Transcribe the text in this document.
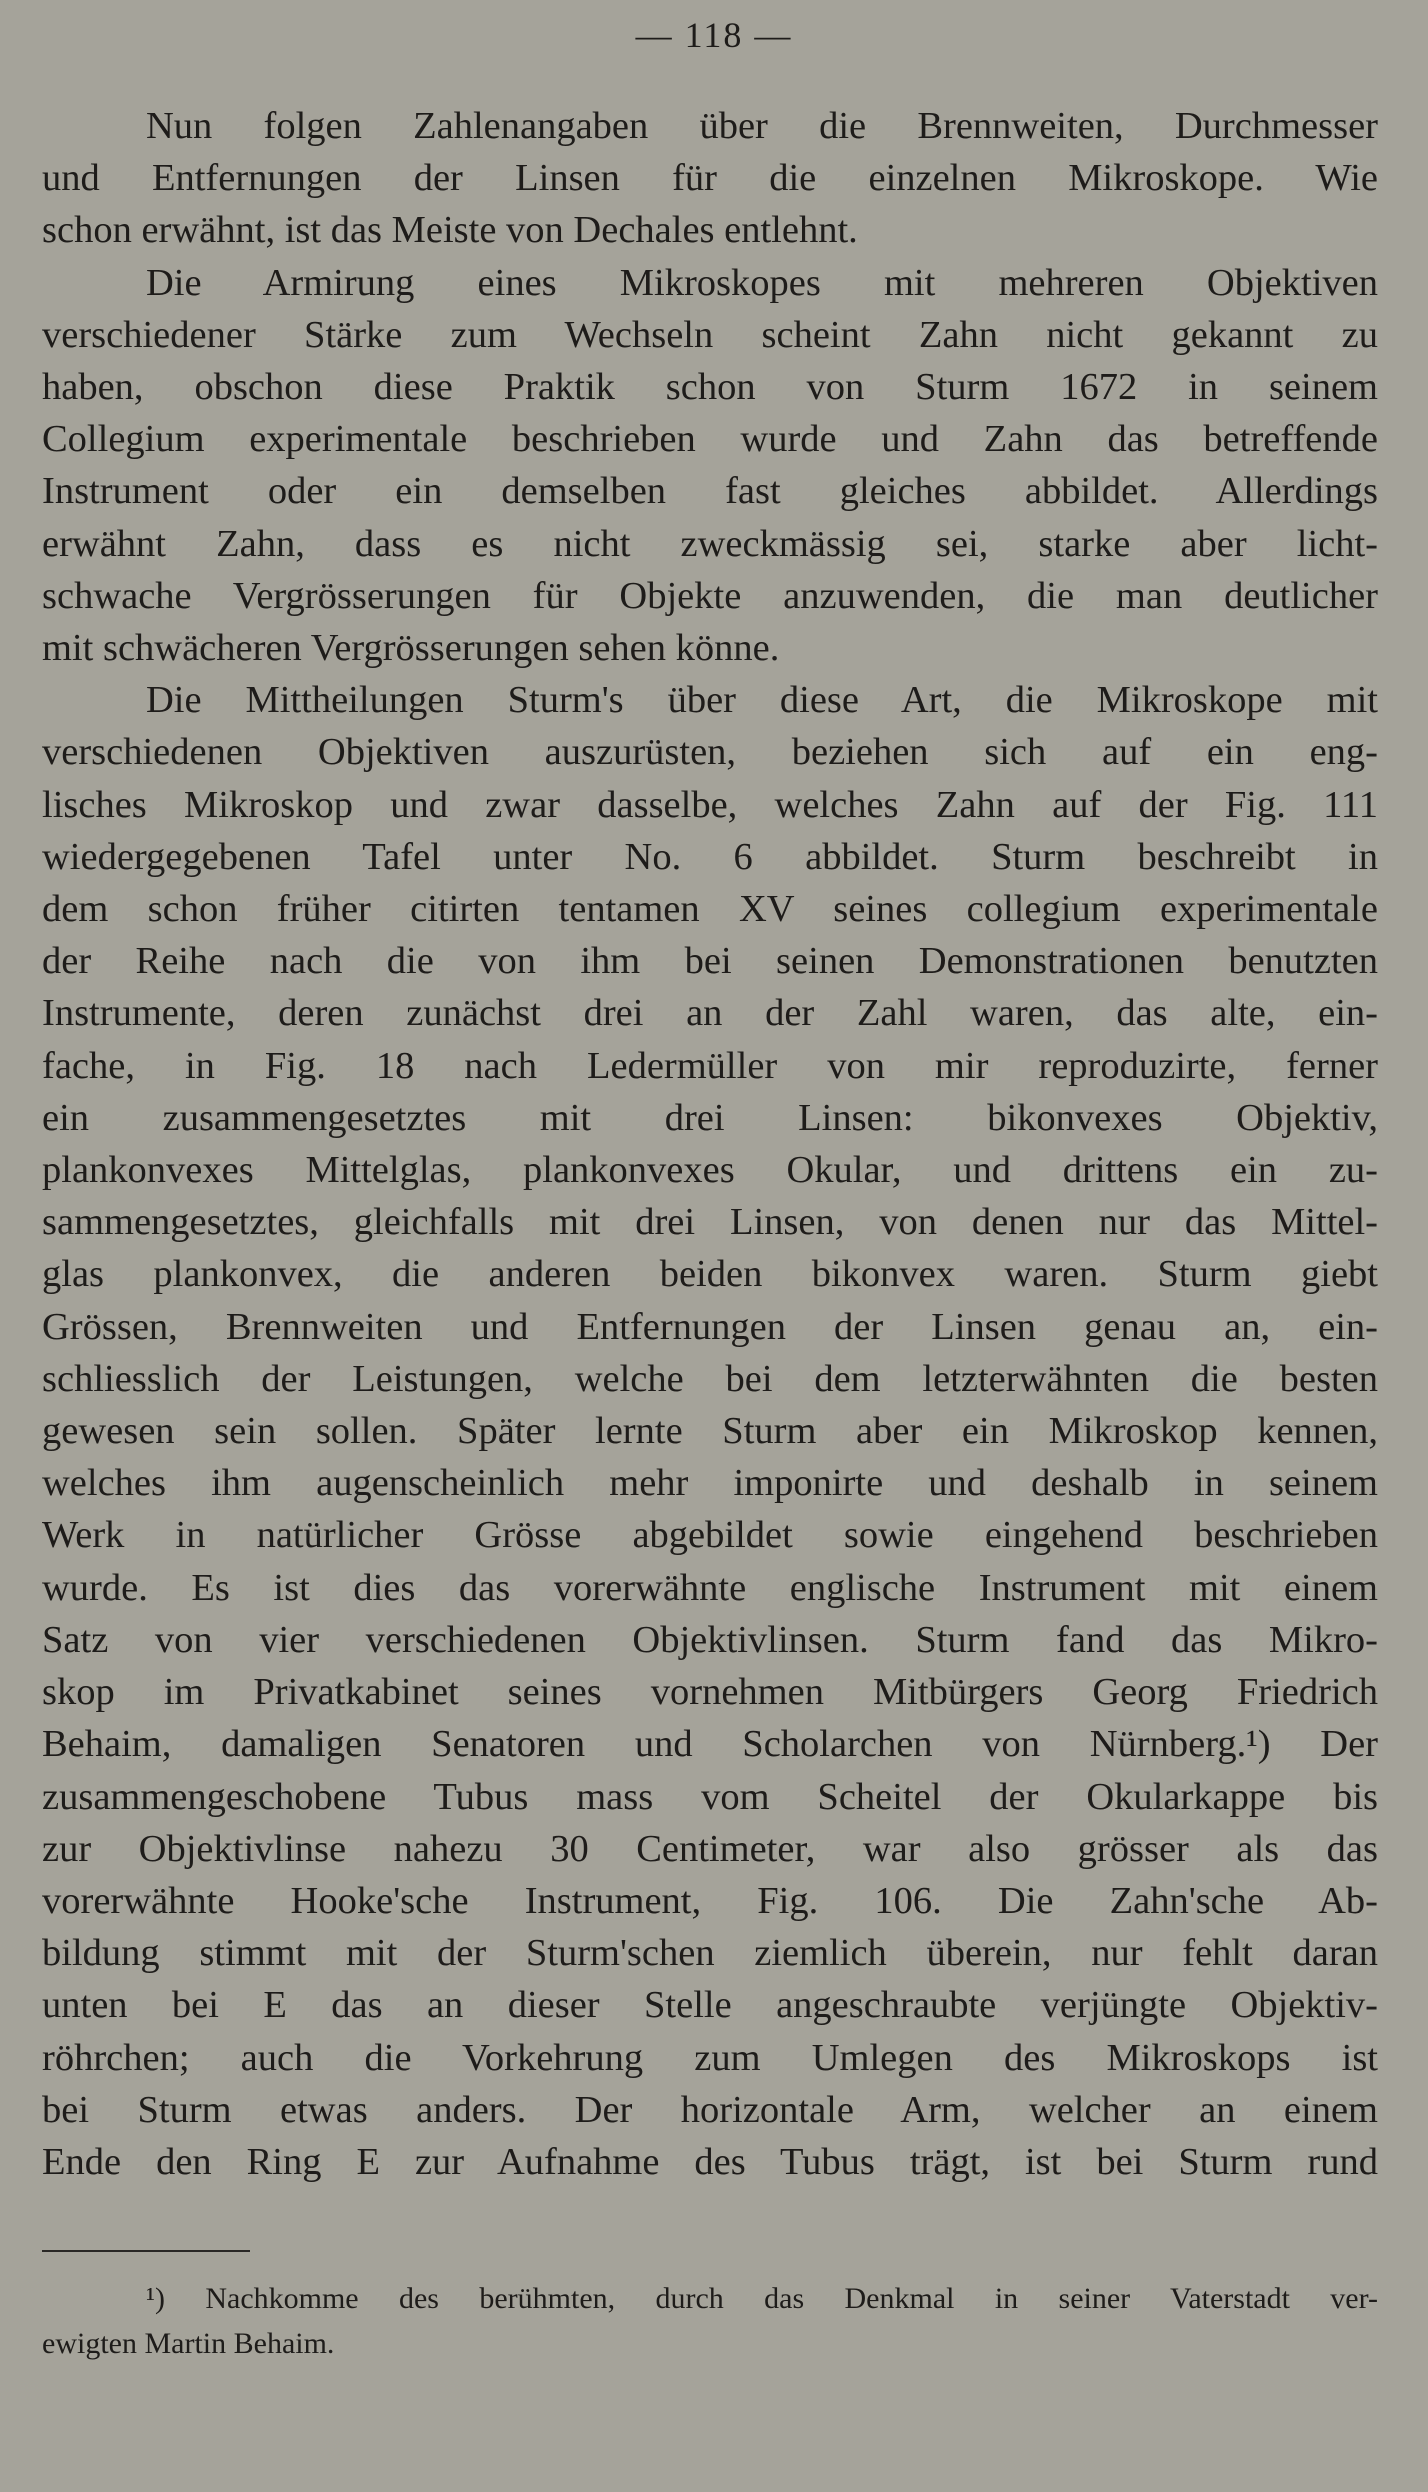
— 118 —
Nun folgen Zahlenangaben über die Brennweiten, Durchmesser
und Entfernungen der Linsen für die einzelnen Mikroskope. Wie
schon erwähnt, ist das Meiste von Dechales entlehnt.
Die Armirung eines Mikroskopes mit mehreren Objektiven
verschiedener Stärke zum Wechseln scheint Zahn nicht gekannt zu
haben, obschon diese Praktik schon von Sturm 1672 in seinem
Collegium experimentale beschrieben wurde und Zahn das betreffende
Instrument oder ein demselben fast gleiches abbildet. Allerdings
erwähnt Zahn, dass es nicht zweckmässig sei, starke aber licht-
schwache Vergrösserungen für Objekte anzuwenden, die man deutlicher
mit schwächeren Vergrösserungen sehen könne.
Die Mittheilungen Sturm's über diese Art, die Mikroskope mit
verschiedenen Objektiven auszurüsten, beziehen sich auf ein eng-
lisches Mikroskop und zwar dasselbe, welches Zahn auf der Fig. 111
wiedergegebenen Tafel unter No. 6 abbildet. Sturm beschreibt in
dem schon früher citirten tentamen XV seines collegium experimentale
der Reihe nach die von ihm bei seinen Demonstrationen benutzten
Instrumente, deren zunächst drei an der Zahl waren, das alte, ein-
fache, in Fig. 18 nach Ledermüller von mir reproduzirte, ferner
ein zusammengesetztes mit drei Linsen: bikonvexes Objektiv,
plankonvexes Mittelglas, plankonvexes Okular, und drittens ein zu-
sammengesetztes, gleichfalls mit drei Linsen, von denen nur das Mittel-
glas plankonvex, die anderen beiden bikonvex waren. Sturm giebt
Grössen, Brennweiten und Entfernungen der Linsen genau an, ein-
schliesslich der Leistungen, welche bei dem letzterwähnten die besten
gewesen sein sollen. Später lernte Sturm aber ein Mikroskop kennen,
welches ihm augenscheinlich mehr imponirte und deshalb in seinem
Werk in natürlicher Grösse abgebildet sowie eingehend beschrieben
wurde. Es ist dies das vorerwähnte englische Instrument mit einem
Satz von vier verschiedenen Objektivlinsen. Sturm fand das Mikro-
skop im Privatkabinet seines vornehmen Mitbürgers Georg Friedrich
Behaim, damaligen Senatoren und Scholarchen von Nürnberg.¹) Der
zusammengeschobene Tubus mass vom Scheitel der Okularkappe bis
zur Objektivlinse nahezu 30 Centimeter, war also grösser als das
vorerwähnte Hooke'sche Instrument, Fig. 106. Die Zahn'sche Ab-
bildung stimmt mit der Sturm'schen ziemlich überein, nur fehlt daran
unten bei E das an dieser Stelle angeschraubte verjüngte Objektiv-
röhrchen; auch die Vorkehrung zum Umlegen des Mikroskops ist
bei Sturm etwas anders. Der horizontale Arm, welcher an einem
Ende den Ring E zur Aufnahme des Tubus trägt, ist bei Sturm rund
¹) Nachkomme des berühmten, durch das Denkmal in seiner Vaterstadt ver-
ewigten Martin Behaim.
